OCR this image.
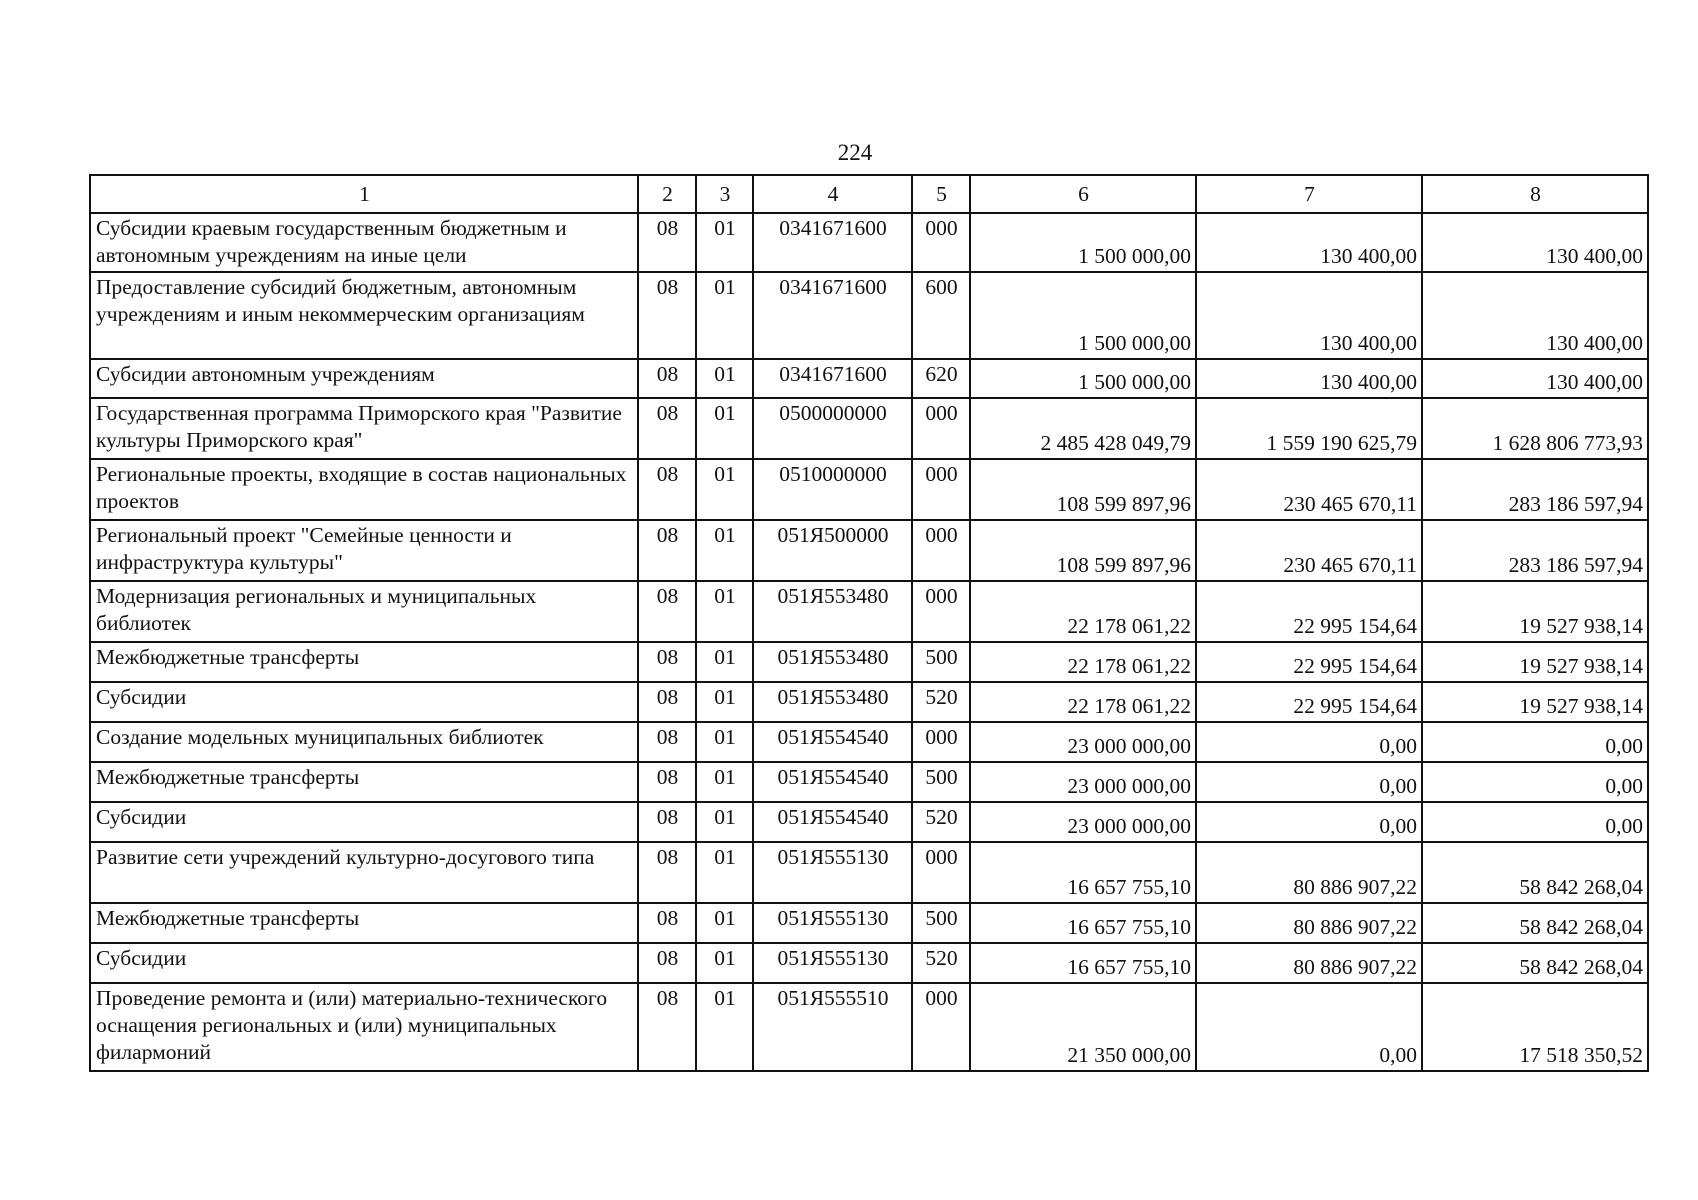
224
1	2	3	4	5	6	7	8
Субсидии краевым государственным бюджетным и автономным учреждениям на иные цели	08	01	0341671600	000	1 500 000,00	130 400,00	130 400,00
Предоставление субсидий бюджетным, автономным учреждениям и иным некоммерческим организациям	08	01	0341671600	600	1 500 000,00	130 400,00	130 400,00
Субсидии автономным учреждениям	08	01	0341671600	620	1 500 000,00	130 400,00	130 400,00
Государственная программа Приморского края "Развитие культуры Приморского края"	08	01	0500000000	000	2 485 428 049,79	1 559 190 625,79	1 628 806 773,93
Региональные проекты, входящие в состав национальных проектов	08	01	0510000000	000	108 599 897,96	230 465 670,11	283 186 597,94
Региональный проект "Семейные ценности и инфраструктура культуры"	08	01	051Я500000	000	108 599 897,96	230 465 670,11	283 186 597,94
Модернизация региональных и муниципальных библиотек	08	01	051Я553480	000	22 178 061,22	22 995 154,64	19 527 938,14
Межбюджетные трансферты	08	01	051Я553480	500	22 178 061,22	22 995 154,64	19 527 938,14
Субсидии	08	01	051Я553480	520	22 178 061,22	22 995 154,64	19 527 938,14
Создание модельных муниципальных библиотек	08	01	051Я554540	000	23 000 000,00	0,00	0,00
Межбюджетные трансферты	08	01	051Я554540	500	23 000 000,00	0,00	0,00
Субсидии	08	01	051Я554540	520	23 000 000,00	0,00	0,00
Развитие сети учреждений культурно-досугового типа	08	01	051Я555130	000	16 657 755,10	80 886 907,22	58 842 268,04
Межбюджетные трансферты	08	01	051Я555130	500	16 657 755,10	80 886 907,22	58 842 268,04
Субсидии	08	01	051Я555130	520	16 657 755,10	80 886 907,22	58 842 268,04
Проведение ремонта и (или) материально-технического оснащения региональных и (или) муниципальных филармоний	08	01	051Я555510	000	21 350 000,00	0,00	17 518 350,52
